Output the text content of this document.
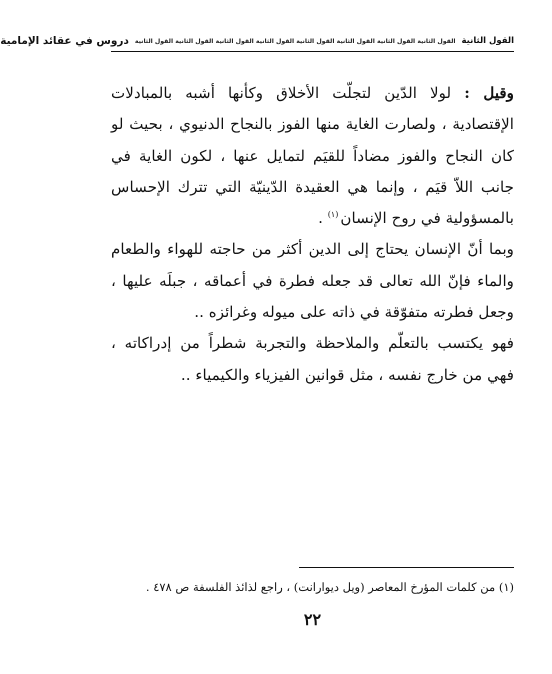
القول الثانية
القول الثانية القول الثانية القول الثانية القول الثانية القول الثانية القول الثانية القول الثانية القول الثانية
دروس في عقائد الإمامية

وقيل : لولا الدّين لتجلّت الأخلاق وكأنها أشبه بالمبادلات الإقتصادية ، ولصارت الغاية منها الفوز بالنجاح الدنيوي ، بحيث لو كان النجاح والفوز مضاداً للقيَم لتمايل عنها ، لكون الغاية في جانب اللاّ قيَم ، وإنما هي العقيدة الدّينيّة التي تترك الإحساس بالمسؤولية في روح الإنسان$^{(١)}$ .

وبما أنّ الإنسان يحتاج إلى الدين أكثر من حاجته للهواء والطعام والماء فإنّ الله تعالى قد جعله فطرة في أعماقه ، جبلَه عليها ، وجعل فطرته متفوّقة في ذاته على ميوله وغرائزه ..

فهو يكتسب بالتعلّم والملاحظة والتجربة شطراً من إدراكاته ، فهي من خارج نفسه ، مثل قوانين الفيزياء والكيمياء ..

(١) من كلمات المؤرخ المعاصر (ويل ديوارانت) ، راجع لذائذ الفلسفة ص ٤٧٨ .
٢٢
